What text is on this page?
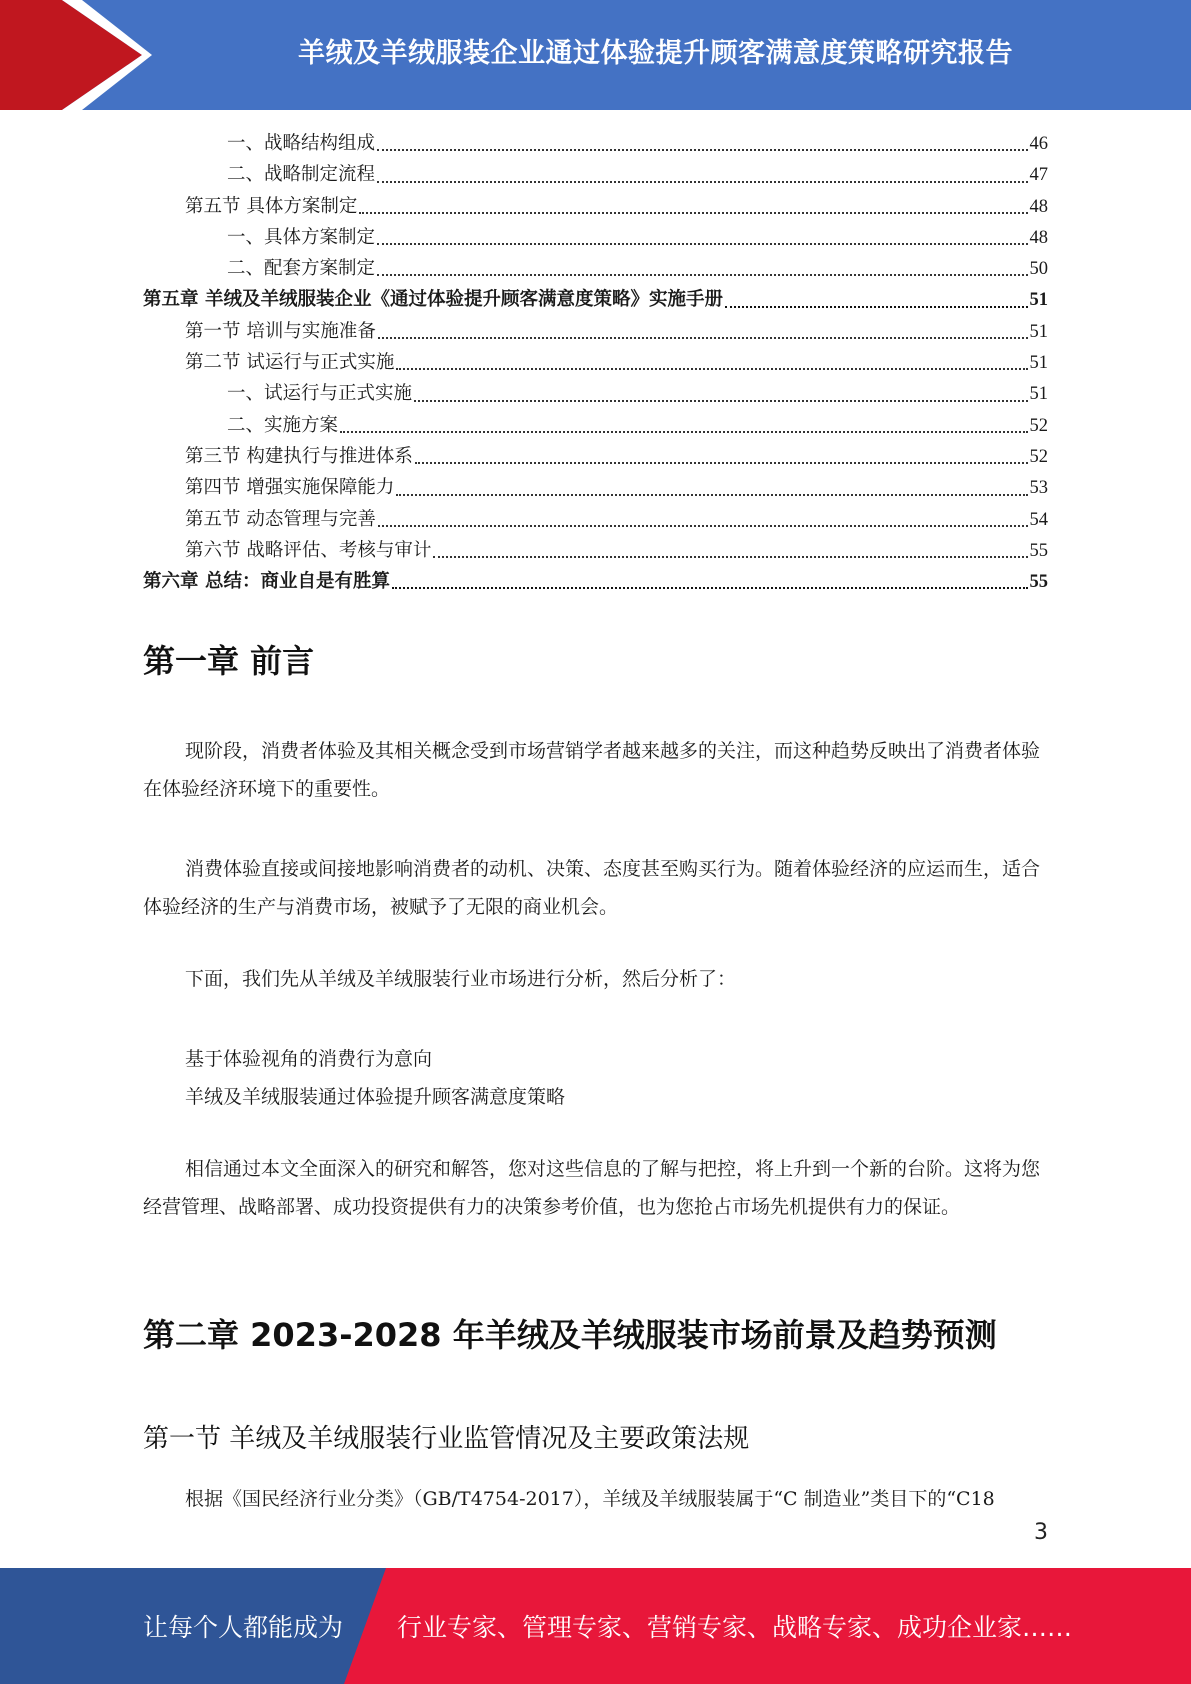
羊绒及羊绒服装企业通过体验提升顾客满意度策略研究报告
一、战略结构组成	46
二、战略制定流程	47
第五节 具体方案制定	48
一、具体方案制定	48
二、配套方案制定	50
第五章 羊绒及羊绒服装企业《通过体验提升顾客满意度策略》实施手册	51
第一节 培训与实施准备	51
第二节 试运行与正式实施	51
一、试运行与正式实施	51
二、实施方案	52
第三节 构建执行与推进体系	52
第四节 增强实施保障能力	53
第五节 动态管理与完善	54
第六节 战略评估、考核与审计	55
第六章 总结：商业自是有胜算	55
第一章 前言

现阶段，消费者体验及其相关概念受到市场营销学者越来越多的关注，而这种趋势反映出了消费者体验在体验经济环境下的重要性。

消费体验直接或间接地影响消费者的动机、决策、态度甚至购买行为。随着体验经济的应运而生，适合体验经济的生产与消费市场，被赋予了无限的商业机会。

下面，我们先从羊绒及羊绒服装行业市场进行分析，然后分析了：

基于体验视角的消费行为意向
羊绒及羊绒服装通过体验提升顾客满意度策略

相信通过本文全面深入的研究和解答，您对这些信息的了解与把控，将上升到一个新的台阶。这将为您经营管理、战略部署、成功投资提供有力的决策参考价值，也为您抢占市场先机提供有力的保证。

第二章 2023-2028 年羊绒及羊绒服装市场前景及趋势预测
第一节 羊绒及羊绒服装行业监管情况及主要政策法规

根据《国民经济行业分类》（GB/T4754-2017），羊绒及羊绒服装属于“C 制造业”类目下的“C18

3
让每个人都能成为 行业专家、管理专家、营销专家、战略专家、成功企业家……
